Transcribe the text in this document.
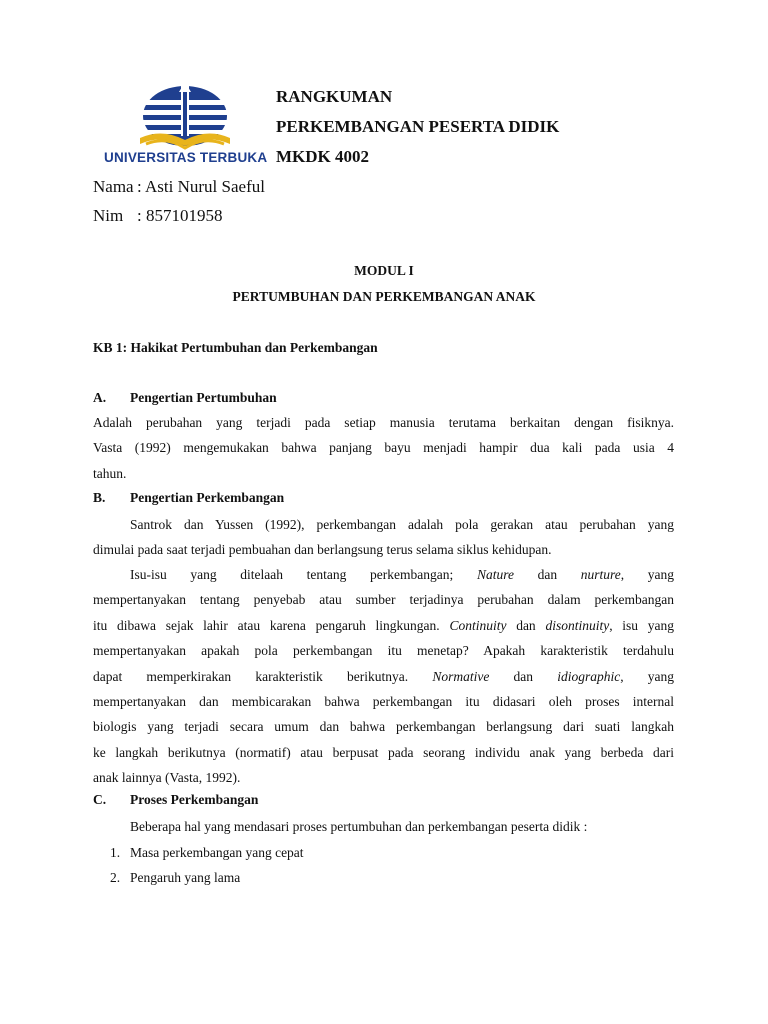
UNIVERSITAS TERBUKA
RANGKUMAN
PERKEMBANGAN PESERTA DIDIK
MKDK 4002
Nama : Asti Nurul Saeful
Nim : 857101958
MODUL I
PERTUMBUHAN DAN PERKEMBANGAN ANAK
KB 1: Hakikat Pertumbuhan dan Perkembangan
A. Pengertian Pertumbuhan
Adalah perubahan yang terjadi pada setiap manusia terutama berkaitan dengan fisiknya.
Vasta (1992) mengemukakan bahwa panjang bayu menjadi hampir dua kali pada usia 4
tahun.
B. Pengertian Perkembangan
Santrok dan Yussen (1992), perkembangan adalah pola gerakan atau perubahan yang
dimulai pada saat terjadi pembuahan dan berlangsung terus selama siklus kehidupan.
Isu-isu yang ditelaah tentang perkembangan; Nature dan nurture, yang
mempertanyakan tentang penyebab atau sumber terjadinya perubahan dalam perkembangan
itu dibawa sejak lahir atau karena pengaruh lingkungan. Continuity dan disontinuity, isu yang
mempertanyakan apakah pola perkembangan itu menetap? Apakah karakteristik terdahulu
dapat memperkirakan karakteristik berikutnya. Normative dan idiographic, yang
mempertanyakan dan membicarakan bahwa perkembangan itu didasari oleh proses internal
biologis yang terjadi secara umum dan bahwa perkembangan berlangsung dari suati langkah
ke langkah berikutnya (normatif) atau berpusat pada seorang individu anak yang berbeda dari
anak lainnya (Vasta, 1992).
C. Proses Perkembangan
Beberapa hal yang mendasari proses pertumbuhan dan perkembangan peserta didik :
1. Masa perkembangan yang cepat
2. Pengaruh yang lama
